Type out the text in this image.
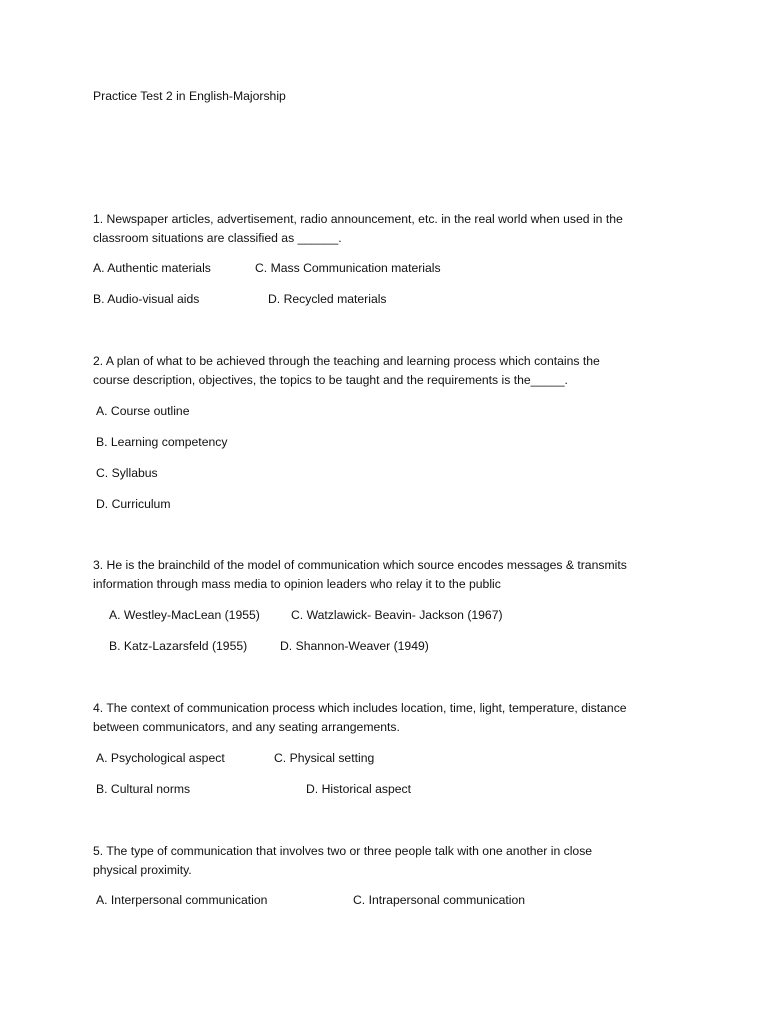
Practice Test 2 in English-Majorship

1. Newspaper articles, advertisement, radio announcement, etc. in the real world when used in the

classroom situations are classified as ______.

A. Authentic materials	C. Mass Communication materials

B. Audio-visual aids	D. Recycled materials

2. A plan of what to be achieved through the teaching and learning process which contains the

course description, objectives, the topics to be taught and the requirements is the_____.

A. Course outline

B. Learning competency

C. Syllabus

D. Curriculum

3. He is the brainchild of the model of communication which source encodes messages & transmits

information through mass media to opinion leaders who relay it to the public

A. Westley-MacLean (1955)	C. Watzlawick- Beavin- Jackson (1967)

B. Katz-Lazarsfeld (1955)	D. Shannon-Weaver (1949)

4. The context of communication process which includes location, time, light, temperature, distance

between communicators, and any seating arrangements.

A. Psychological aspect	C. Physical setting

B. Cultural norms	D. Historical aspect

5. The type of communication that involves two or three people talk with one another in close

physical proximity.

A. Interpersonal communication	C. Intrapersonal communication
